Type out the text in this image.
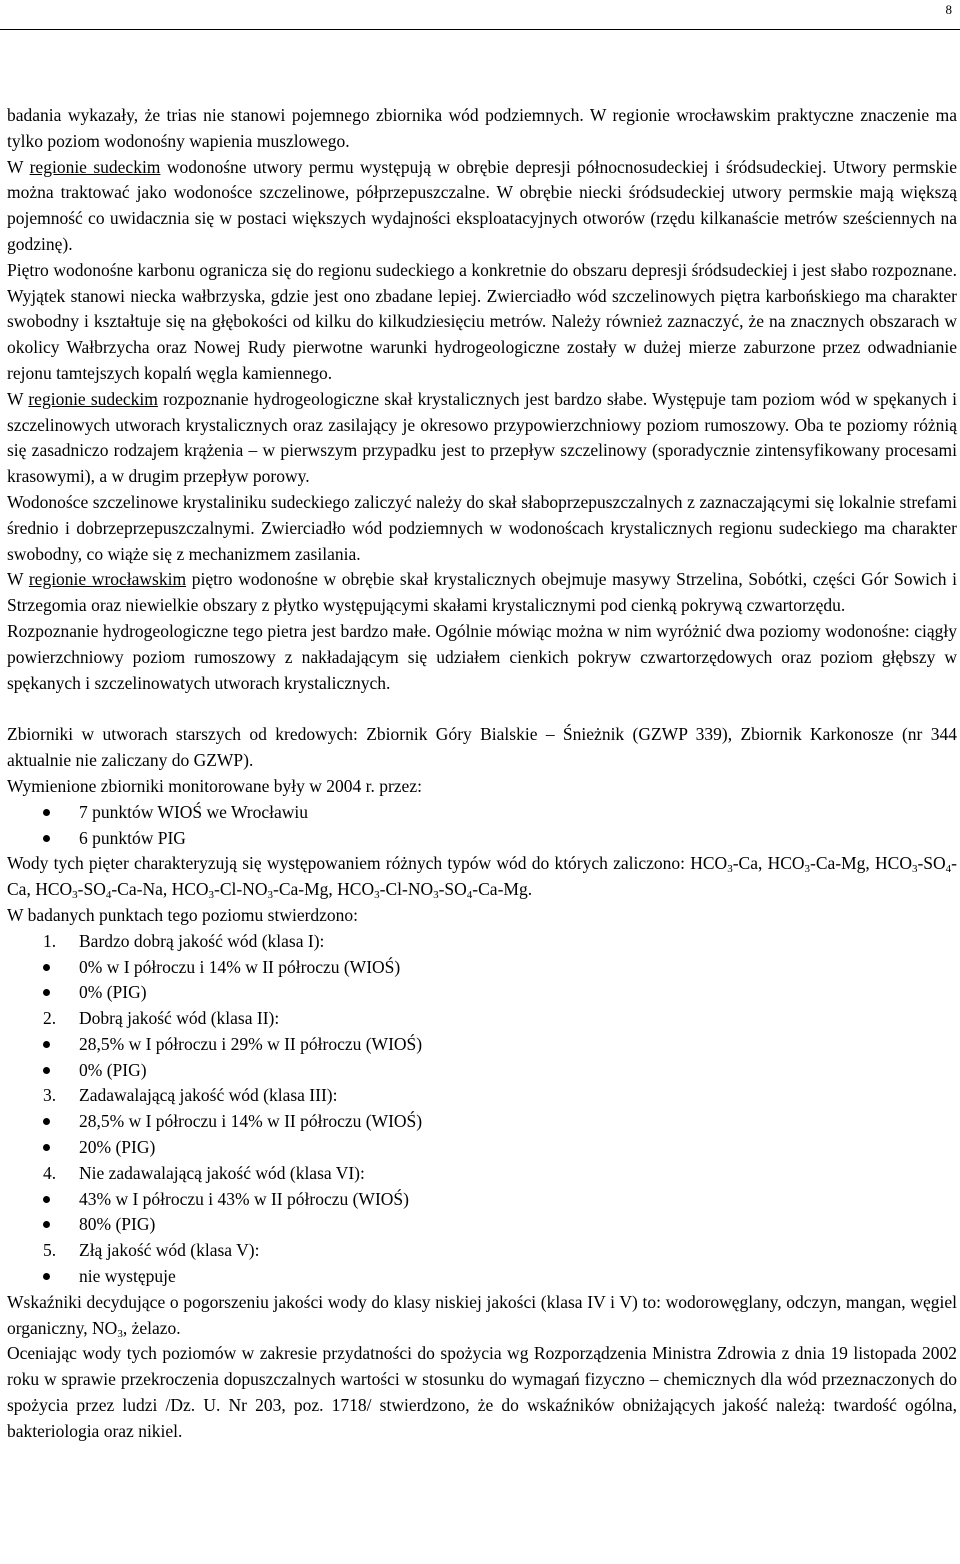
8

badania wykazały, że trias nie stanowi pojemnego zbiornika wód podziemnych. W regionie wrocławskim praktyczne znaczenie ma tylko poziom wodonośny wapienia muszlowego.

W regionie sudeckim wodonośne utwory permu występują w obrębie depresji północnosudeckiej i śródsudeckiej. Utwory permskie można traktować jako wodonośce szczelinowe, półprzepuszczalne. W obrębie niecki śródsudeckiej utwory permskie mają większą pojemność co uwidacznia się w postaci większych wydajności eksploatacyjnych otworów (rzędu kilkanaście metrów sześciennych na godzinę).

Piętro wodonośne karbonu ogranicza się do regionu sudeckiego a konkretnie do obszaru depresji śródsudeckiej i jest słabo rozpoznane. Wyjątek stanowi niecka wałbrzyska, gdzie jest ono zbadane lepiej. Zwierciadło wód szczelinowych piętra karbońskiego ma charakter swobodny i kształtuje się na głębokości od kilku do kilkudziesięciu metrów. Należy również zaznaczyć, że na znacznych obszarach w okolicy Wałbrzycha oraz Nowej Rudy pierwotne warunki hydrogeologiczne zostały w dużej mierze zaburzone przez odwadnianie rejonu tamtejszych kopalń węgla kamiennego.

W regionie sudeckim rozpoznanie hydrogeologiczne skał krystalicznych jest bardzo słabe. Występuje tam poziom wód w spękanych i szczelinowych utworach krystalicznych oraz zasilający je okresowo przypowierzchniowy poziom rumoszowy. Oba te poziomy różnią się zasadniczo rodzajem krążenia – w pierwszym przypadku jest to przepływ szczelinowy (sporadycznie zintensyfikowany procesami krasowymi), a w drugim przepływ porowy.

Wodonośce szczelinowe krystaliniku sudeckiego zaliczyć należy do skał słaboprzepuszczalnych z zaznaczającymi się lokalnie strefami średnio i dobrzeprzepuszczalnymi. Zwierciadło wód podziemnych w wodonoścach krystalicznych regionu sudeckiego ma charakter swobodny, co wiąże się z mechanizmem zasilania.

W regionie wrocławskim piętro wodonośne w obrębie skał krystalicznych obejmuje masywy Strzelina, Sobótki, części Gór Sowich i Strzegomia oraz niewielkie obszary z płytko występującymi skałami krystalicznymi pod cienką pokrywą czwartorzędu.

Rozpoznanie hydrogeologiczne tego pietra jest bardzo małe. Ogólnie mówiąc można w nim wyróżnić dwa poziomy wodonośne: ciągły powierzchniowy poziom rumoszowy z nakładającym się udziałem cienkich pokryw czwartorzędowych oraz poziom głębszy w spękanych i szczelinowatych utworach krystalicznych.

Zbiorniki w utworach starszych od kredowych: Zbiornik Góry Bialskie – Śnieżnik (GZWP 339), Zbiornik Karkonosze (nr 344 aktualnie nie zaliczany do GZWP).

Wymienione zbiorniki monitorowane były w 2004 r. przez:

7 punktów WIOŚ we Wrocławiu
6 punktów PIG

Wody tych pięter charakteryzują się występowaniem różnych typów wód do których zaliczono: $HCO_3-Ca$, $HCO_3-Ca-Mg$, $HCO_3-SO_4-Ca$, $HCO_3-SO_4-Ca-Na$, $HCO_3-Cl-NO_3-Ca-Mg$, $HCO_3-Cl-NO_3-SO_4-Ca-Mg$.

W badanych punktach tego poziomu stwierdzono:

1. Bardzo dobrą jakość wód (klasa I):
0% w I półroczu i 14% w II półroczu (WIOŚ)
0% (PIG)
2. Dobrą jakość wód (klasa II):
28,5% w I półroczu i 29% w II półroczu (WIOŚ)
0% (PIG)
3. Zadawalającą jakość wód (klasa III):
28,5% w I półroczu i 14% w II półroczu (WIOŚ)
20% (PIG)
4. Nie zadawalającą jakość wód (klasa VI):
43% w I półroczu i 43% w II półroczu (WIOŚ)
80% (PIG)
5. Złą jakość wód (klasa V):
nie występuje

Wskaźniki decydujące o pogorszeniu jakości wody do klasy niskiej jakości (klasa IV i V) to: wodorowęglany, odczyn, mangan, węgiel organiczny, $NO_3$, żelazo.

Oceniając wody tych poziomów w zakresie przydatności do spożycia wg Rozporządzenia Ministra Zdrowia z dnia 19 listopada 2002 roku w sprawie przekroczenia dopuszczalnych wartości w stosunku do wymagań fizyczno – chemicznych dla wód przeznaczonych do spożycia przez ludzi /Dz. U. Nr 203, poz. 1718/ stwierdzono, że do wskaźników obniżających jakość należą: twardość ogólna, bakteriologia oraz nikiel.
